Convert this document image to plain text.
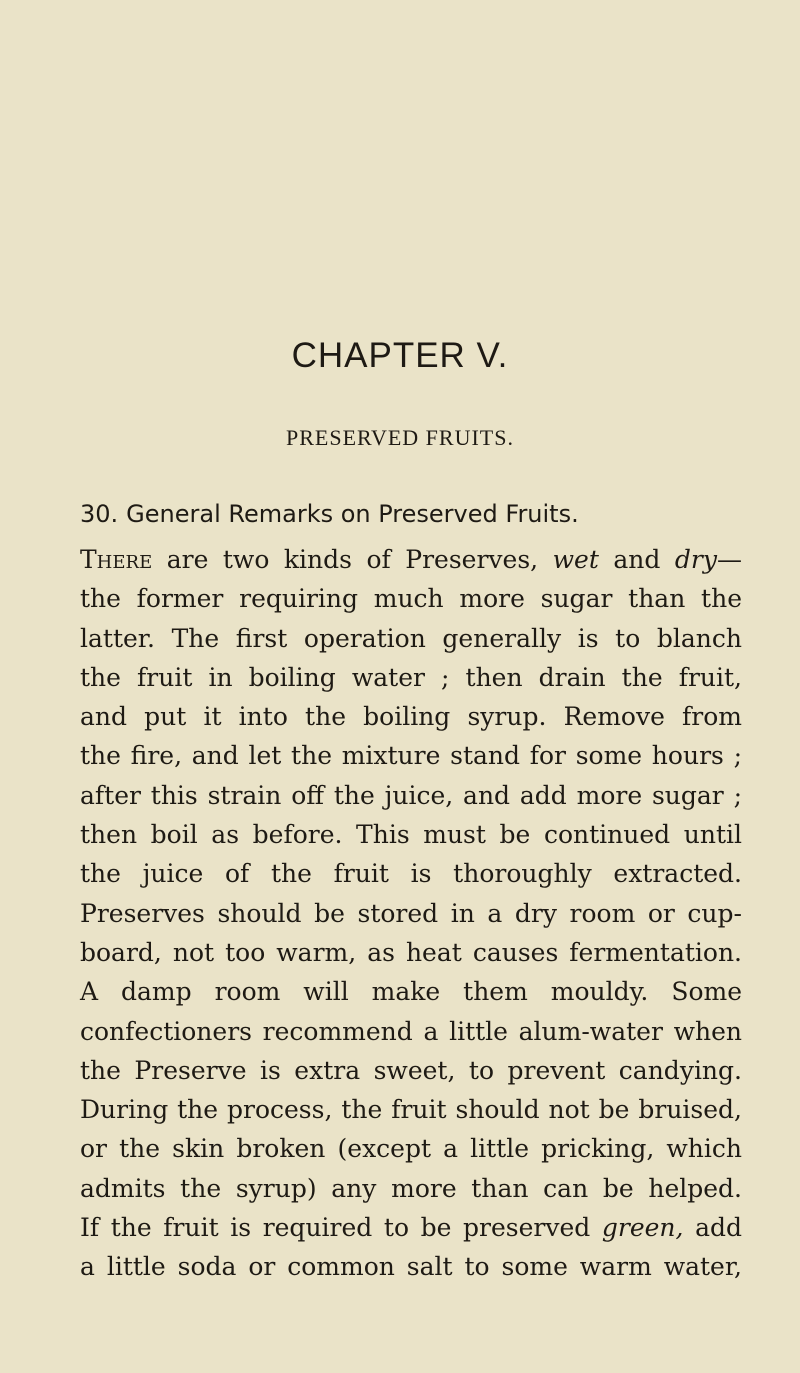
CHAPTER V.
PRESERVED FRUITS.
30. General Remarks on Preserved Fruits.
There are two kinds of Preserves, wet and dry—
the former requiring much more sugar than the
latter. The first operation generally is to blanch
the fruit in boiling water ; then drain the fruit,
and put it into the boiling syrup. Remove from
the fire, and let the mixture stand for some hours ;
after this strain off the juice, and add more sugar ;
then boil as before. This must be continued until
the juice of the fruit is thoroughly extracted.
Preserves should be stored in a dry room or cup-
board, not too warm, as heat causes fermentation.
A damp room will make them mouldy. Some
confectioners recommend a little alum-water when
the Preserve is extra sweet, to prevent candying.
During the process, the fruit should not be bruised,
or the skin broken (except a little pricking, which
admits the syrup) any more than can be helped.
If the fruit is required to be preserved green, add
a little soda or common salt to some warm water,
